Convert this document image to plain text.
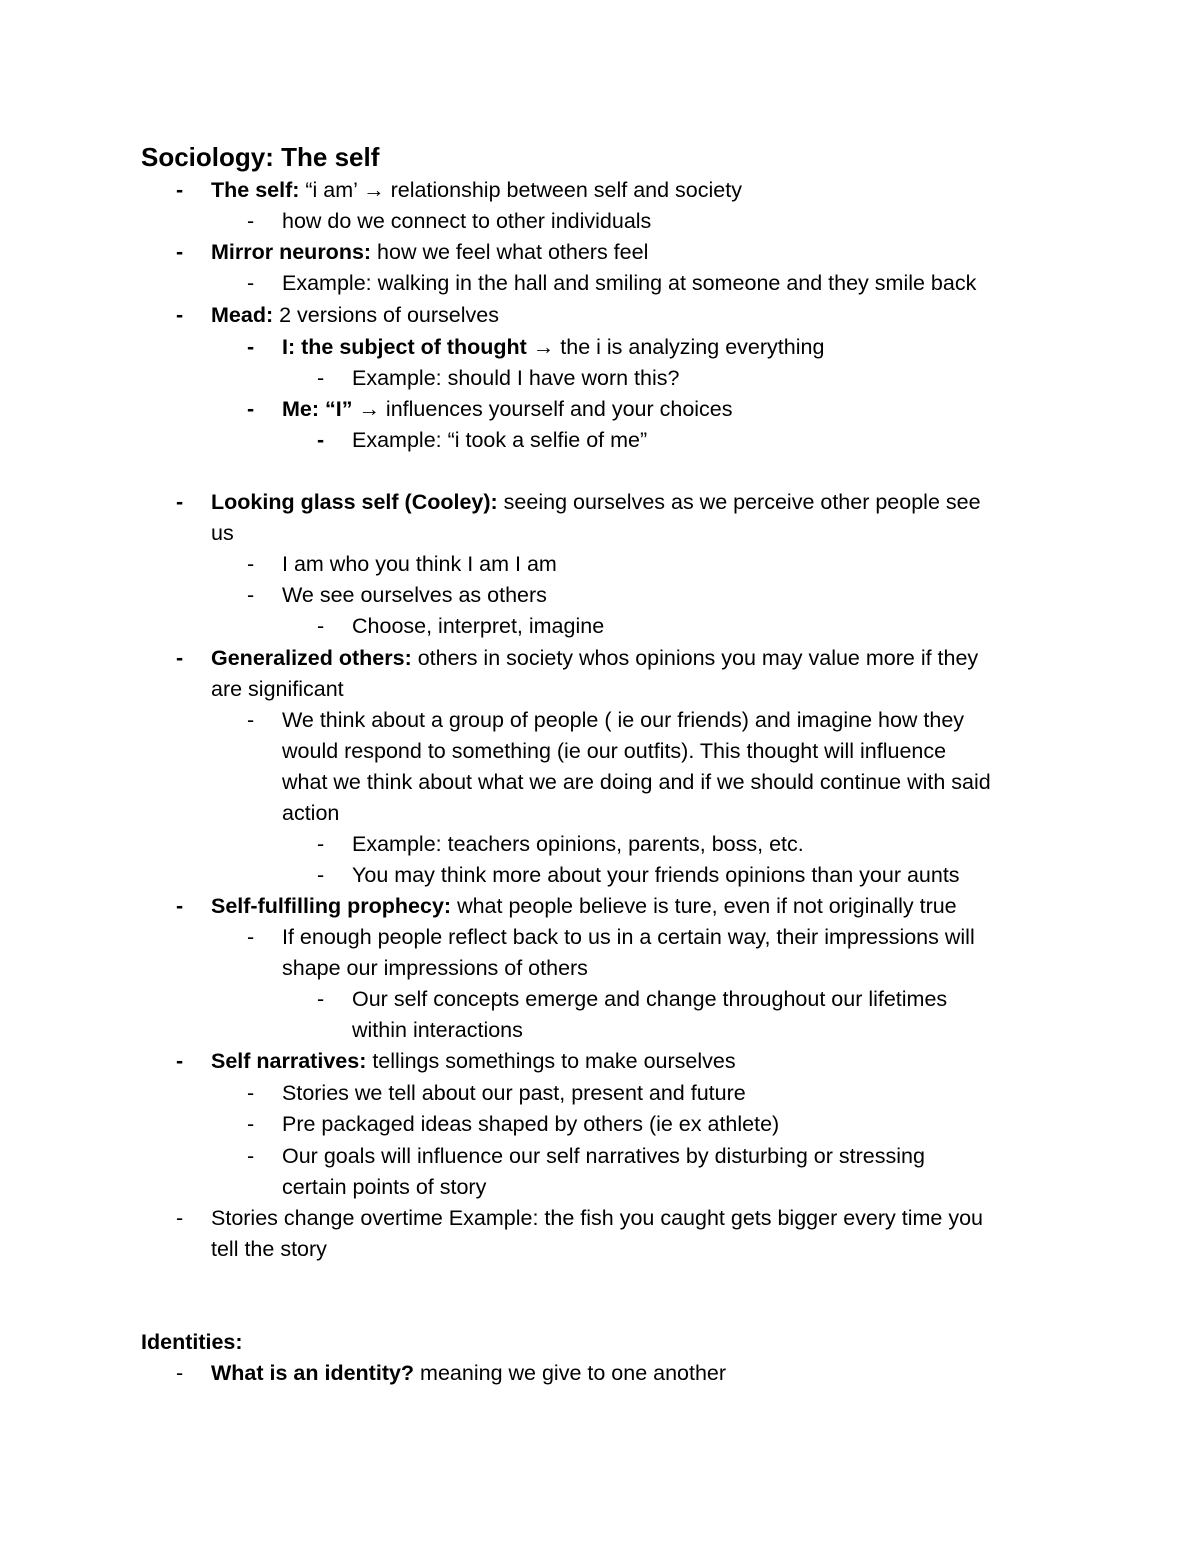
Sociology: The self
- The self: “i am’ → relationship between self and society
- how do we connect to other individuals
- Mirror neurons: how we feel what others feel
- Example: walking in the hall and smiling at someone and they smile back
- Mead: 2 versions of ourselves
- I: the subject of thought → the i is analyzing everything
- Example: should I have worn this?
- Me: “I” → influences yourself and your choices
- Example: “i took a selfie of me”
- Looking glass self (Cooley): seeing ourselves as we perceive other people see
us
- I am who you think I am I am
- We see ourselves as others
- Choose, interpret, imagine
- Generalized others: others in society whos opinions you may value more if they
are significant
- We think about a group of people ( ie our friends) and imagine how they
would respond to something (ie our outfits). This thought will influence
what we think about what we are doing and if we should continue with said
action
- Example: teachers opinions, parents, boss, etc.
- You may think more about your friends opinions than your aunts
- Self-fulfilling prophecy: what people believe is ture, even if not originally true
- If enough people reflect back to us in a certain way, their impressions will
shape our impressions of others
- Our self concepts emerge and change throughout our lifetimes
within interactions
- Self narratives: tellings somethings to make ourselves
- Stories we tell about our past, present and future
- Pre packaged ideas shaped by others (ie ex athlete)
- Our goals will influence our self narratives by disturbing or stressing
certain points of story
- Stories change overtime Example: the fish you caught gets bigger every time you
tell the story
Identities:
- What is an identity? meaning we give to one another
